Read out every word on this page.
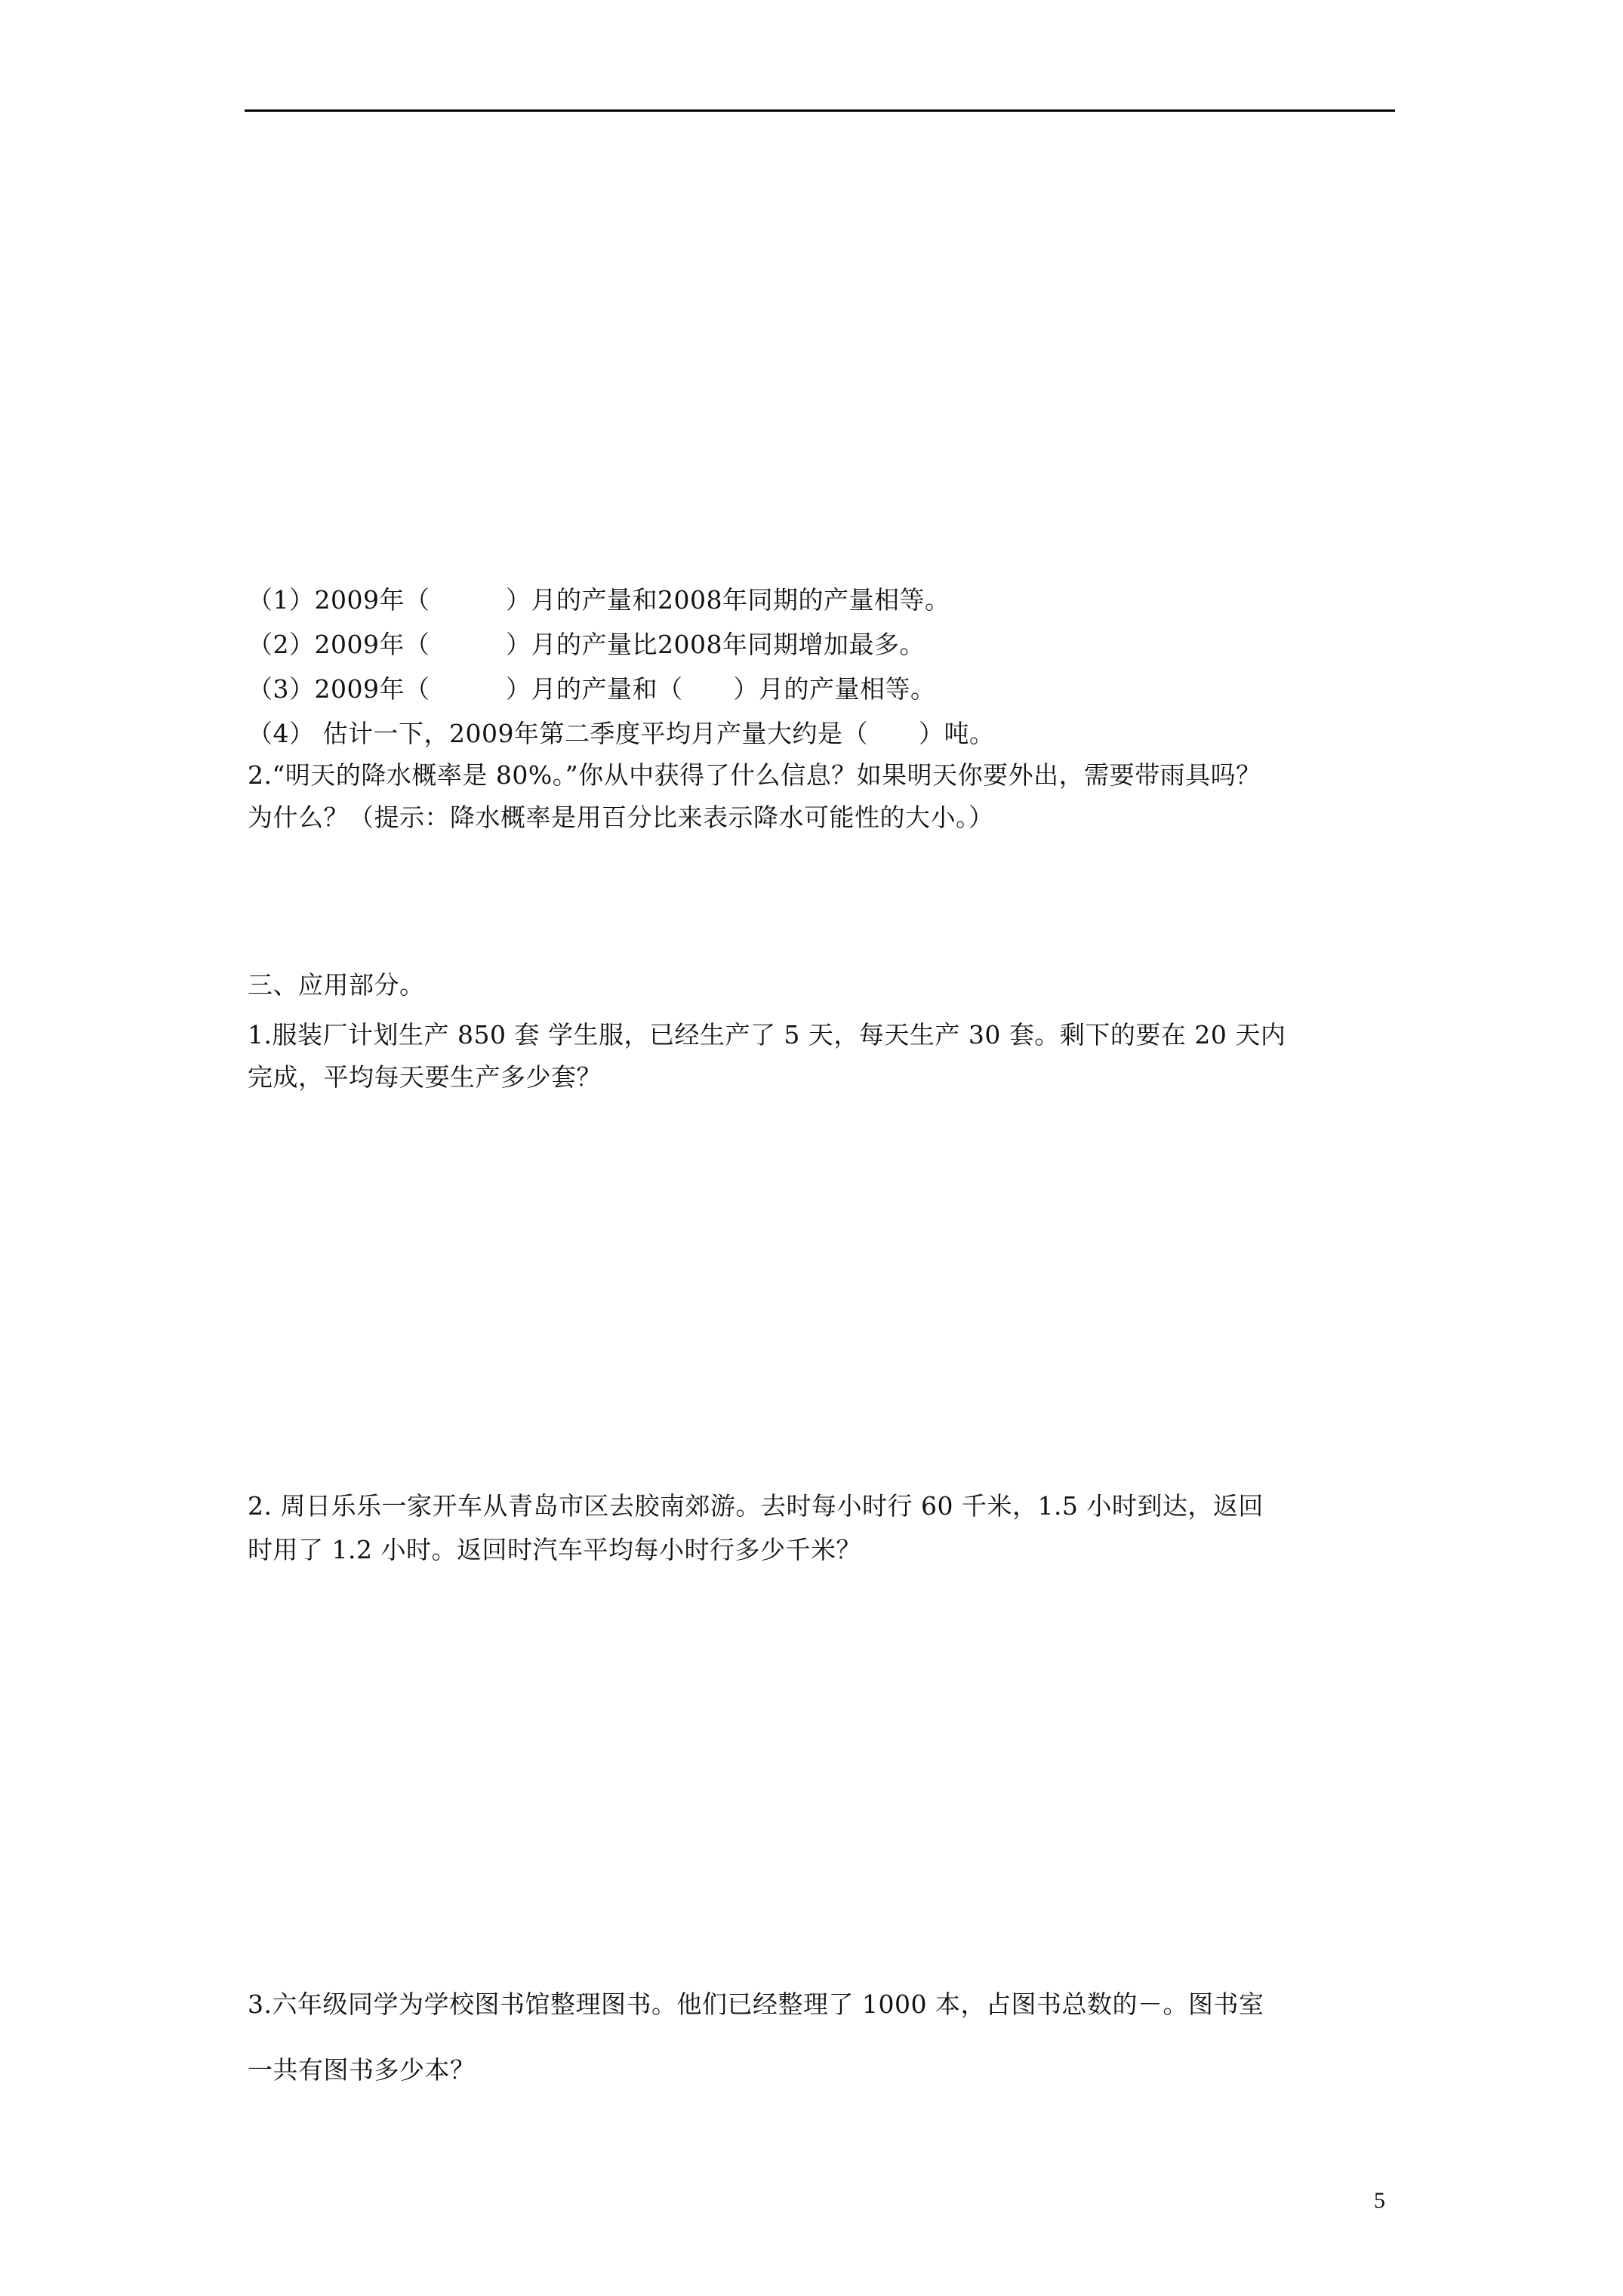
（1）2009年（　　　）月的产量和2008年同期的产量相等。
（2）2009年（　　　）月的产量比2008年同期增加最多。
（3）2009年（　　　）月的产量和（　　）月的产量相等。
（4） 估计一下，2009年第二季度平均月产量大约是（　　）吨。
2.“明天的降水概率是 80%。”你从中获得了什么信息？如果明天你要外出，需要带雨具吗？
为什么？（提示：降水概率是用百分比来表示降水可能性的大小。）
三、应用部分。
1.服装厂计划生产 850 套 学生服，已经生产了 5 天，每天生产 30 套。剩下的要在 20 天内
完成，平均每天要生产多少套？
2. 周日乐乐一家开车从青岛市区去胶南郊游。去时每小时行 60 千米，1.5 小时到达，返回
时用了 1.2 小时。返回时汽车平均每小时行多少千米？
3.六年级同学为学校图书馆整理图书。他们已经整理了 1000 本，占图书总数的－。图书室
一共有图书多少本？
5
